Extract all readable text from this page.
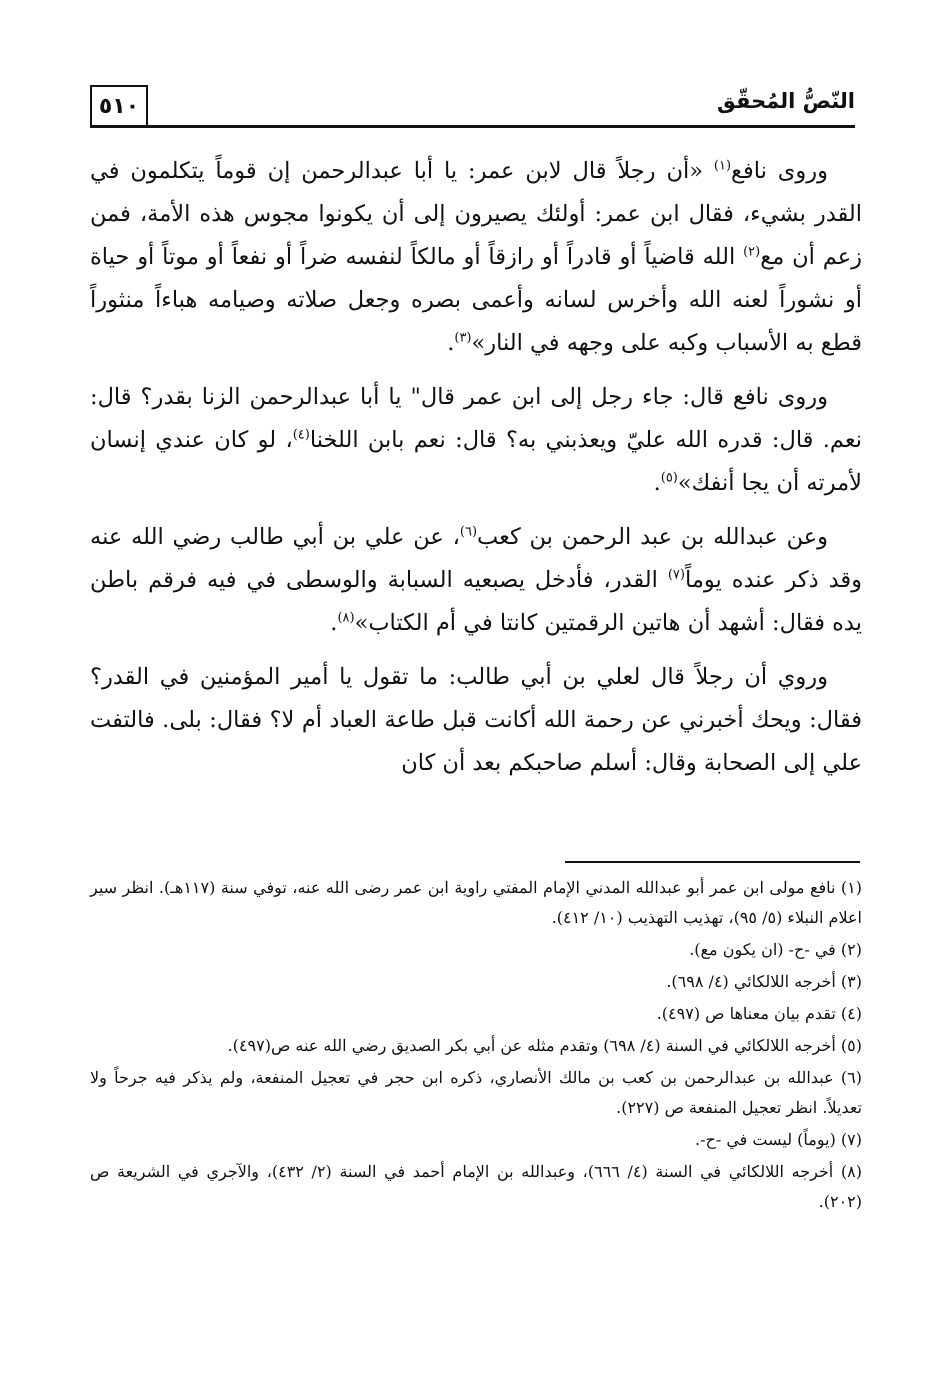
٥١٠	النّصُّ المُحقّق

وروى نافع$^{(١)}$ «أن رجلاً قال لابن عمر: يا أبا عبدالرحمن إن قوماً يتكلمون في القدر بشيء، فقال ابن عمر: أولئك يصيرون إلى أن يكونوا مجوس هذه الأمة، فمن زعم أن مع$^{(٢)}$ الله قاضياً أو قادراً أو رازقاً أو مالكاً لنفسه ضراً أو نفعاً أو موتاً أو حياة أو نشوراً لعنه الله وأخرس لسانه وأعمى بصره وجعل صلاته وصيامه هباءاً منثوراً قطع به الأسباب وكبه على وجهه في النار»$^{(٣)}$.

وروى نافع قال: جاء رجل إلى ابن عمر قال" يا أبا عبدالرحمن الزنا بقدر؟ قال: نعم. قال: قدره الله عليّ ويعذبني به؟ قال: نعم بابن اللخنا$^{(٤)}$، لو كان عندي إنسان لأمرته أن يجا أنفك»$^{(٥)}$.

وعن عبدالله بن عبد الرحمن بن كعب$^{(٦)}$، عن علي بن أبي طالب رضي الله عنه وقد ذكر عنده يوماً$^{(٧)}$ القدر، فأدخل يصبعيه السبابة والوسطى في فيه فرقم باطن يده فقال: أشهد أن هاتين الرقمتين كانتا في أم الكتاب»$^{(٨)}$.

وروي أن رجلاً قال لعلي بن أبي طالب: ما تقول يا أمير المؤمنين في القدر؟ فقال: ويحك أخبرني عن رحمة الله أكانت قبل طاعة العباد أم لا؟ فقال: بلى. فالتفت علي إلى الصحابة وقال: أسلم صاحبكم بعد أن كان

(١) نافع مولى ابن عمر أبو عبدالله المدني الإمام المفتي راوية ابن عمر رضى الله عنه، توفي سنة (١١٧هـ). انظر سير اعلام النبلاء (٥/ ٩٥)، تهذيب التهذيب (١٠/ ٤١٢).
(٢) في -ح- (ان يكون مع).
(٣) أخرجه اللالكائي (٤/ ٦٩٨).
(٤) تقدم بيان معناها ص (٤٩٧).
(٥) أخرجه اللالكائي في السنة (٤/ ٦٩٨) وتقدم مثله عن أبي بكر الصديق رضي الله عنه ص(٤٩٧).
(٦) عبدالله بن عبدالرحمن بن كعب بن مالك الأنصاري، ذكره ابن حجر في تعجيل المنفعة، ولم يذكر فيه جرحاً ولا تعديلاً. انظر تعجيل المنفعة ص (٢٢٧).
(٧) (يوماً) ليست في -ح-.
(٨) أخرجه اللالكائي في السنة (٤/ ٦٦٦)، وعبدالله بن الإمام أحمد في السنة (٢/ ٤٣٢)، والآجري في الشريعة ص (٢٠٢).
